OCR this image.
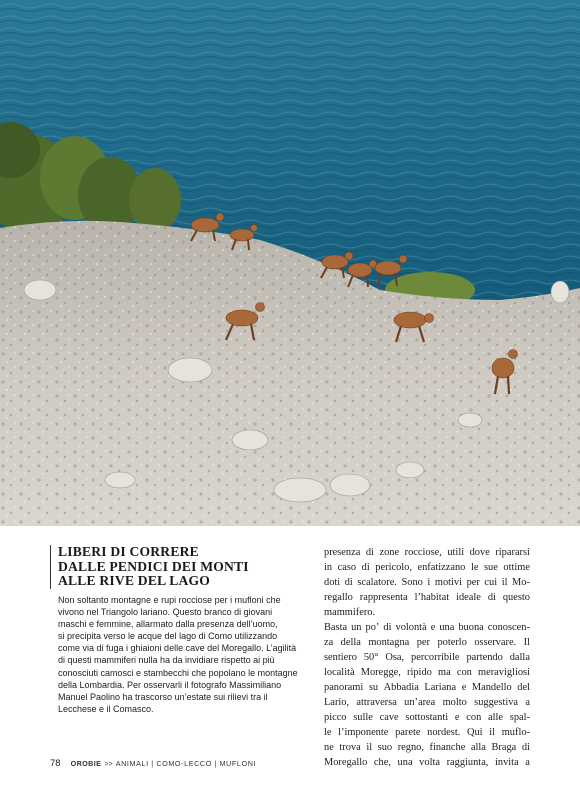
LIBERI DI CORRERE
DALLE PENDICI DEI MONTI
ALLE RIVE DEL LAGO
Non soltanto montagne e rupi rocciose per i mufloni che
vivono nel Triangolo lariano. Questo branco di giovani
maschi e femmine, allarmato dalla presenza dell’uomo,
si precipita verso le acque del lago di Como utilizzando
come via di fuga i ghiaioni delle cave del Moregallo. L’agilità
di questi mammiferi nulla ha da invidiare rispetto ai più
conosciuti camosci e stambecchi che popolano le montagne
della Lombardia. Per osservarli il fotografo Massimiliano
Manuel Paolino ha trascorso un’estate sui rilievi tra il
Lecchese e il Comasco.
presenza di zone rocciose, utili dove ripararsi
in caso di pericolo, enfatizzano le sue ottime
doti di scalatore. Sono i motivi per cui il Mo-
regallo rappresenta l’habitat ideale di questo
mammifero.
Basta un po’ di volontà e una buona conoscen-
za della montagna per poterlo osservare. Il
sentiero 50° Osa, percorribile partendo dalla
località Moregge, ripido ma con meravigliosi
panorami su Abbadia Lariana e Mandello del
Lario, attraversa un’area molto suggestiva a
picco sulle cave sottostanti e con alle spal-
le l’imponente parete nordest. Qui il muflo-
ne trova il suo regno, finanche alla Braga di
Moregallo che, una volta raggiunta, invita a
78 OROBIE >> ANIMALI | COMO-LECCO | MUFLONI
